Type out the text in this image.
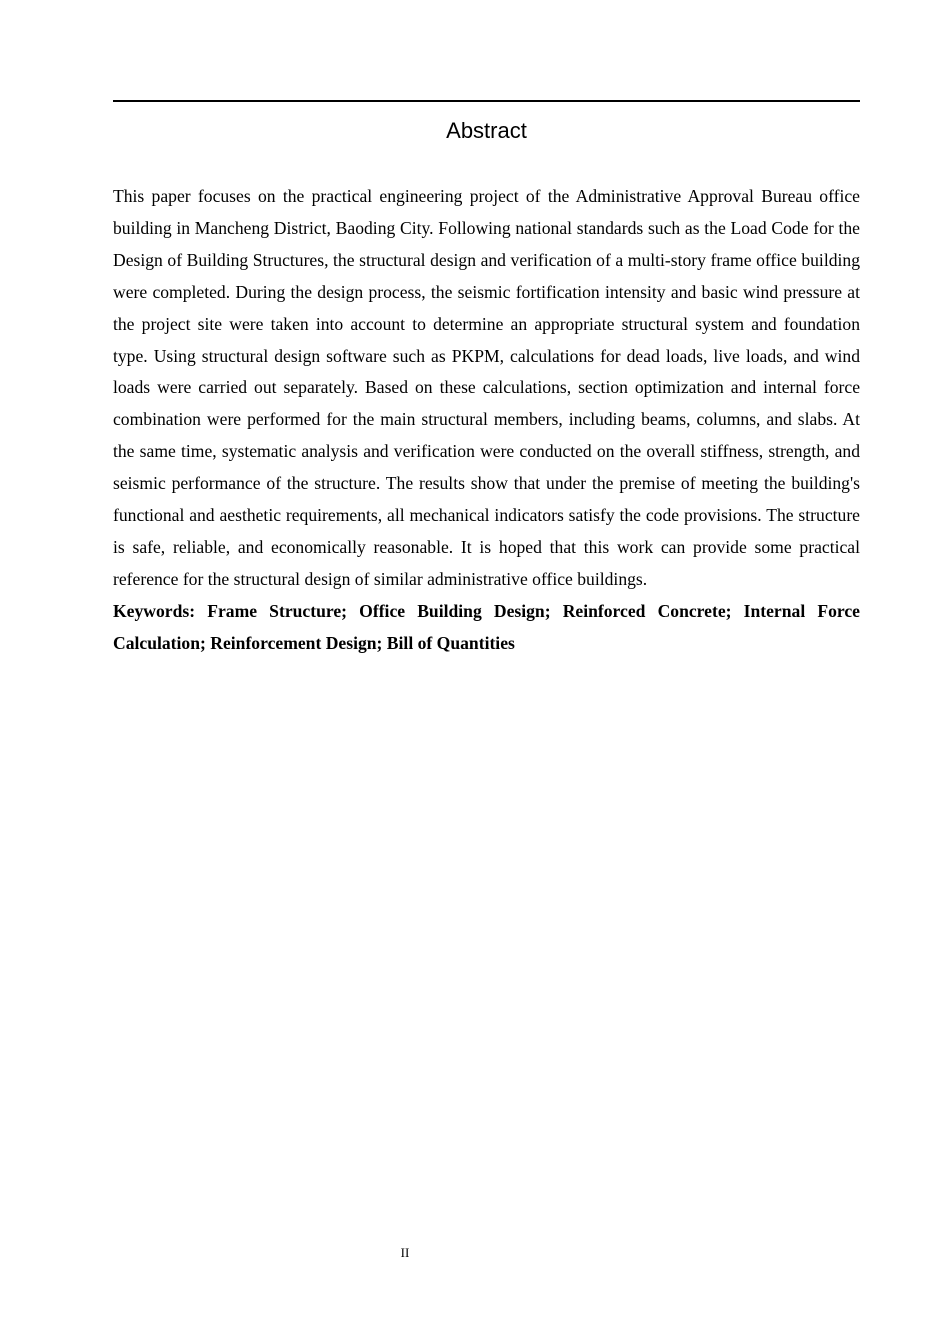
Abstract

This paper focuses on the practical engineering project of the Administrative Approval Bureau office building in Mancheng District, Baoding City. Following national standards such as the Load Code for the Design of Building Structures, the structural design and verification of a multi-story frame office building were completed. During the design process, the seismic fortification intensity and basic wind pressure at the project site were taken into account to determine an appropriate structural system and foundation type. Using structural design software such as PKPM, calculations for dead loads, live loads, and wind loads were carried out separately. Based on these calculations, section optimization and internal force combination were performed for the main structural members, including beams, columns, and slabs. At the same time, systematic analysis and verification were conducted on the overall stiffness, strength, and seismic performance of the structure. The results show that under the premise of meeting the building's functional and aesthetic requirements, all mechanical indicators satisfy the code provisions. The structure is safe, reliable, and economically reasonable. It is hoped that this work can provide some practical reference for the structural design of similar administrative office buildings.

Keywords: Frame Structure; Office Building Design; Reinforced Concrete; Internal Force Calculation; Reinforcement Design; Bill of Quantities

II
